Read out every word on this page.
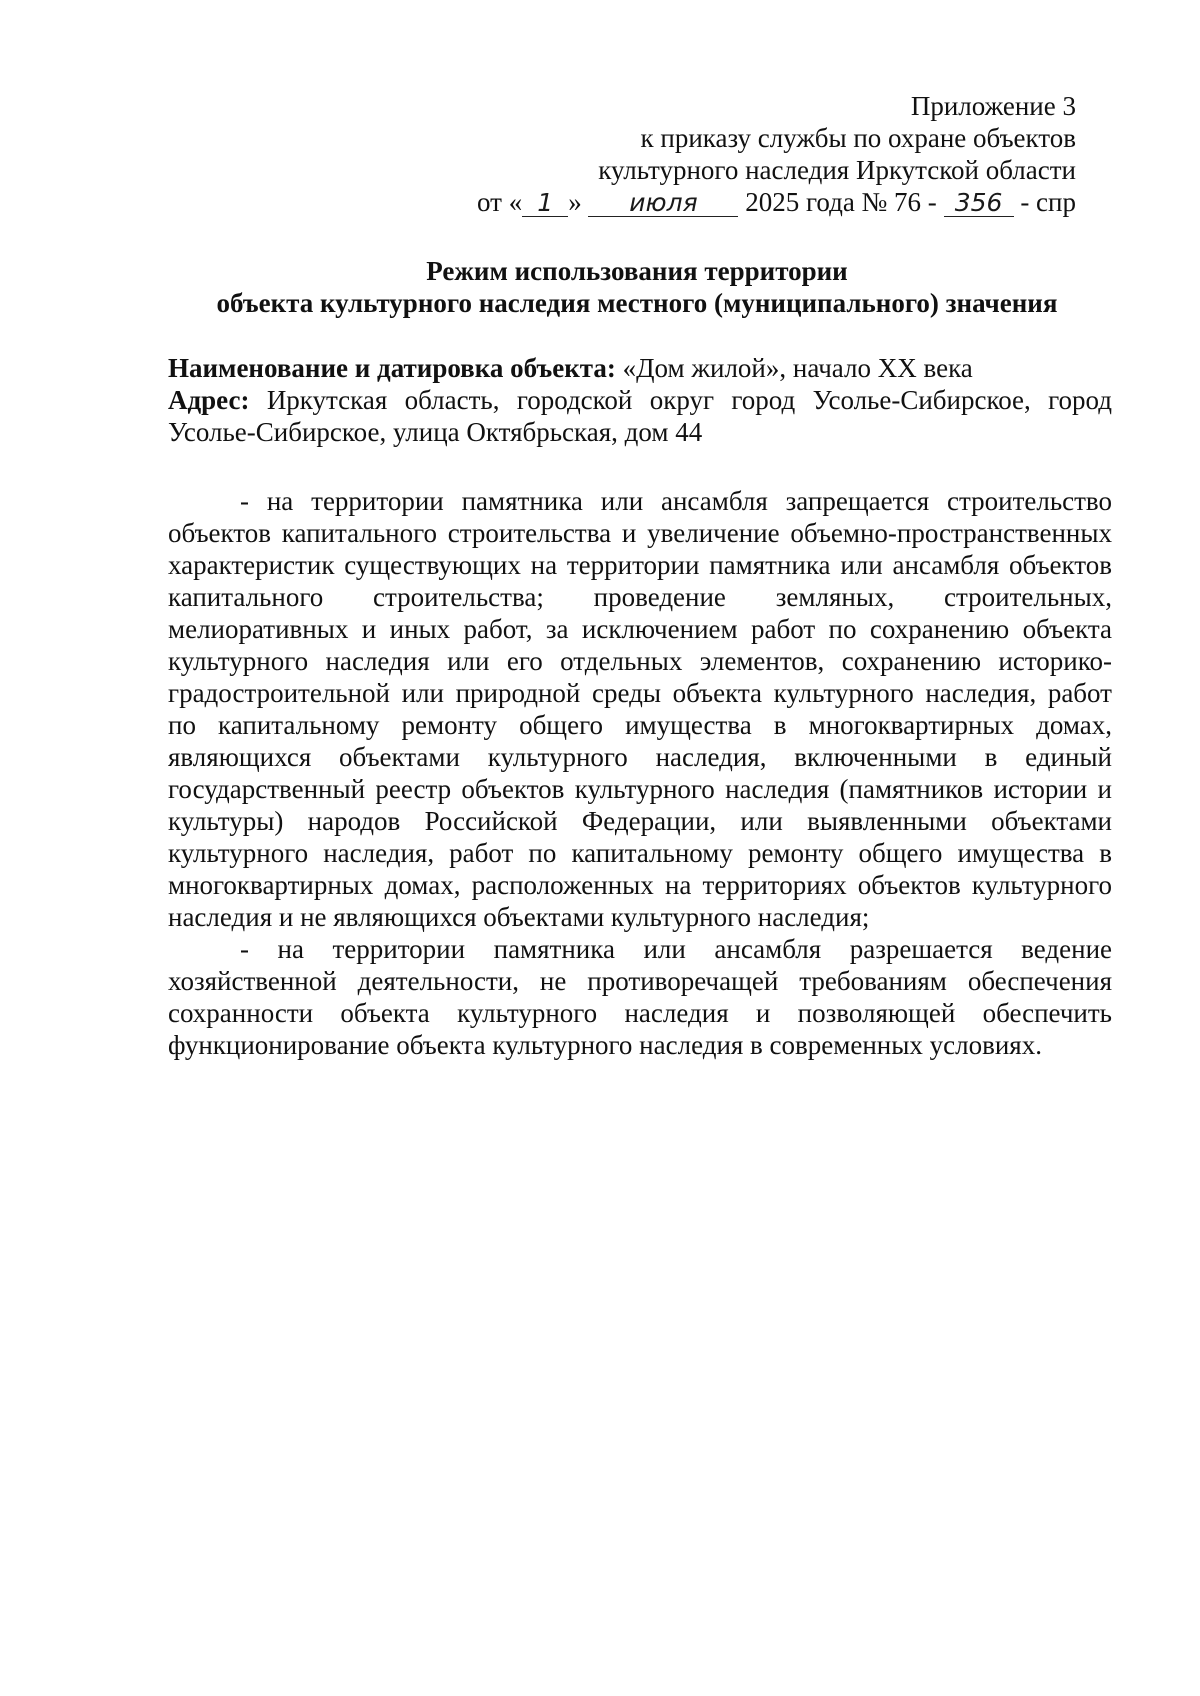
Приложение 3
к приказу службы по охране объектов
культурного наследия Иркутской области
от « 1 » июля 2025 года № 76 - 356 - спр
Режим использования территории
объекта культурного наследия местного (муниципального) значения

Наименование и датировка объекта: «Дом жилой», начало XX века

Адрес: Иркутская область, городской округ город Усолье-Сибирское, город Усолье-Сибирское, улица Октябрьская, дом 44

- на территории памятника или ансамбля запрещается строительство объектов капитального строительства и увеличение объемно-пространственных характеристик существующих на территории памятника или ансамбля объектов капитального строительства; проведение земляных, строительных, мелиоративных и иных работ, за исключением работ по сохранению объекта культурного наследия или его отдельных элементов, сохранению историко-градостроительной или природной среды объекта культурного наследия, работ по капитальному ремонту общего имущества в многоквартирных домах, являющихся объектами культурного наследия, включенными в единый государственный реестр объектов культурного наследия (памятников истории и культуры) народов Российской Федерации, или выявленными объектами культурного наследия, работ по капитальному ремонту общего имущества в многоквартирных домах, расположенных на территориях объектов культурного наследия и не являющихся объектами культурного наследия;

- на территории памятника или ансамбля разрешается ведение хозяйственной деятельности, не противоречащей требованиям обеспечения сохранности объекта культурного наследия и позволяющей обеспечить функционирование объекта культурного наследия в современных условиях.
